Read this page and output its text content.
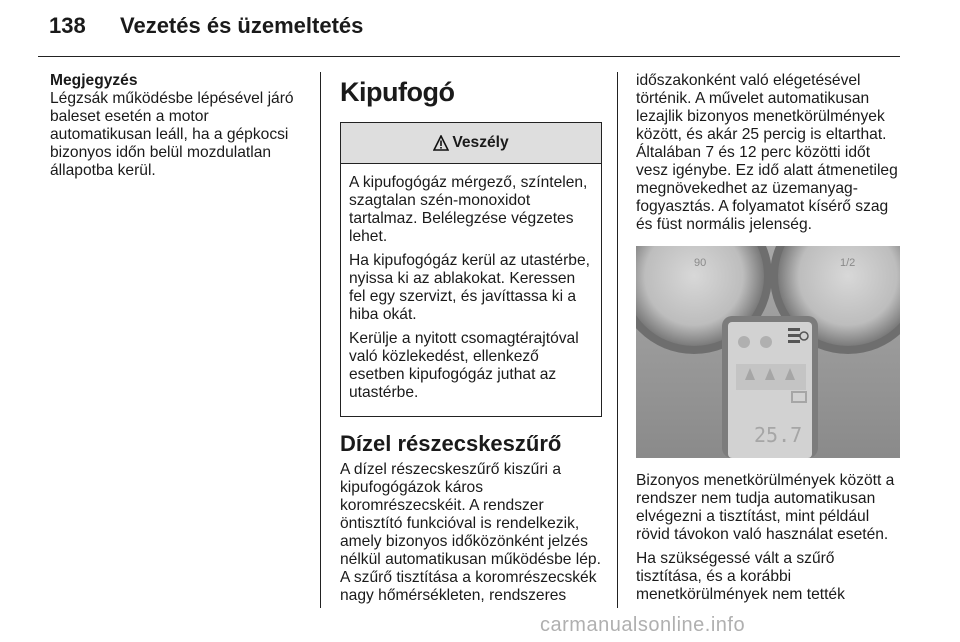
138 Vezetés és üzemeltetés

Megjegyzés
Légzsák működésbe lépésével járó baleset esetén a motor automatikusan leáll, ha a gépkocsi bizonyos időn belül mozdulatlan állapotba kerül.

Kipufogó
Veszély

A kipufogógáz mérgező, színtelen, szagtalan szén-monoxidot tartalmaz. Belélegzése végzetes lehet.

Ha kipufogógáz kerül az utastérbe, nyissa ki az ablakokat. Keressen fel egy szervizt, és javíttassa ki a hiba okát.

Kerülje a nyitott csomagtérajtóval való közlekedést, ellenkező esetben kipufogógáz juthat az utastérbe.

Dízel részecskeszűrő

A dízel részecskeszűrő kiszűri a kipufogógázok káros koromrészecskéit. A rendszer öntisztító funkcióval is rendelkezik, amely bizonyos időközönként jelzés nélkül automatikusan működésbe lép. A szűrő tisztítása a koromrészecskék nagy hőmérsékleten, rendszeres

időszakonként való elégetésével történik. A művelet automatikusan lezajlik bizonyos menetkörülmények között, és akár 25 percig is eltarthat. Általában 7 és 12 perc közötti időt vesz igénybe. Ez idő alatt átmenetileg megnövekedhet az üzemanyag-fogyasztás. A folyamatot kísérő szag és füst normális jelenség.

90	1/2
25.7

Bizonyos menetkörülmények között a rendszer nem tudja automatikusan elvégezni a tisztítást, mint például rövid távokon való használat esetén.

Ha szükségessé vált a szűrő tisztítása, és a korábbi menetkörülmények nem tették

carmanualsonline.info
